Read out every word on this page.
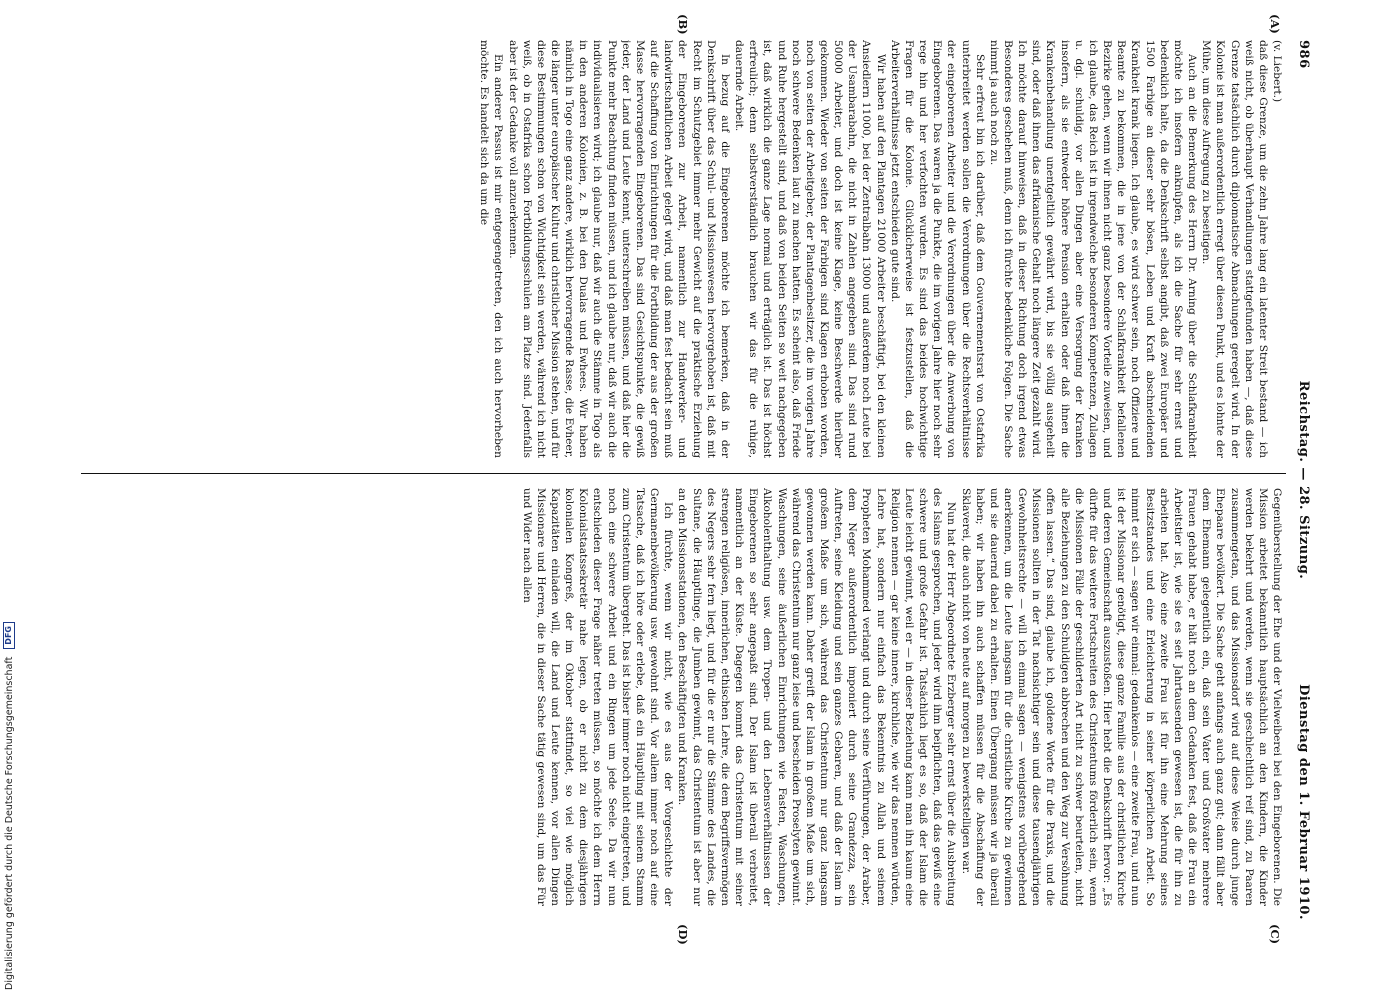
986
Reichstag. — 28. Sitzung.
Dienstag den 1. Februar 1910.

(v. Liebert.)

daß diese Grenze, um die zehn Jahre lang ein latenter Streit bestand — ich weiß nicht, ob überhaupt Verhandlungen stattgefunden haben —, daß diese Grenze tatsächlich durch diplomatische Abmachungen geregelt wird. In der Kolonie ist man außerordentlich erregt über diesen Punkt, und es lohnte der Mühe, um diese Aufregung zu beseitigen.

Auch an die Bemerkung des Herrn Dr. Arning über die Schlafkrankheit möchte ich insofern anknüpfen, als ich die Sache für sehr ernst und bedenklich halte, da die Denkschrift selbst angibt, daß zwei Europäer und 1500 Farbige an dieser sehr bösen, Leben und Kraft abschneidenden Krankheit krank liegen. Ich glaube, es wird schwer sein, noch Offiziere und Beamte zu bekommen, die in jene von der Schlafkrankheit befallenen Bezirke gehen, wenn wir ihnen nicht ganz besondere Vorteile zuweisen, und ich glaube, das Reich ist in irgendwelche besonderen Kompetenzen, Zulagen u. dgl. schuldig, vor allen Dingen aber eine Versorgung der Kranken insofern, als sie entweder höhere Pension erhalten oder daß ihnen die Krankenbehandlung unentgeltlich gewährt wird, bis sie völlig ausgeheilt sind, oder daß ihnen das afrikanische Gehalt noch längere Zeit gezahlt wird. Ich möchte darauf hinweisen, daß in dieser Richtung doch irgend etwas Besonderes geschehen muß, denn ich fürchte bedenkliche Folgen. Die Sache nimmt ja auch noch zu.

Sehr erfreut bin ich darüber, daß dem Gouvernementsrat von Ostafrika unterbreitet werden sollen die Verordnungen über die Rechtsverhältnisse der eingeborenen Arbeiter und die Verordnungen über die Anwerbung von Eingeborenen. Das waren ja die Punkte, die im vorigen Jahre hier noch sehr rege hin und her verfochten wurden. Es sind das beides hochwichtige Fragen für die Kolonie. Glücklicherweise ist festzustellen, daß die Arbeiterverhältnisse jetzt entschieden gute sind.

Wir haben auf den Plantagen 21000 Arbeiter beschäftigt, bei den kleinen Ansiedlern 11000, bei der Zentralbahn 13000 und außerdem noch Leute bei der Usambarabahn, die nicht in Zahlen angegeben sind. Das sind rund 50000 Arbeiter, und doch ist keine Klage, keine Beschwerde hierüber gekommen. Wieder von seiten der Farbigen sind Klagen erhoben worden, noch von seiten der Arbeitgeber, der Plantagenbesitzer, die im vorigen Jahre noch schwere Bedenken laut zu machen hatten. Es scheint also, daß Friede und Ruhe hergestellt sind, und daß von beiden Seiten so weit nachgegeben ist, daß wirklich die ganze Lage normal und erträglich ist. Das ist höchst erfreulich; denn selbstverständlich brauchen wir das für die ruhige, dauernde Arbeit.

In bezug auf die Eingeborenen möchte ich bemerken, daß in der Denkschrift über das Schul- und Missionswesen hervorgehoben ist, daß mit Recht im Schutzgebiet immer mehr Gewicht auf die praktische Erziehung der Eingeborenen zur Arbeit, namentlich zur Handwerker- und landwirtschaftlichen Arbeit gelegt wird, und daß man fest bedacht sein muß auf die Schaffung von Einrichtungen für die Fortbildung der aus der großen Masse hervorragenden Eingeborenen. Das sind Gesichtspunkte, die gewiß jeder, der Land und Leute kennt, unterschreiben müssen, und daß hier die Punkte mehr Beachtung finden müssen, und ich glaube nur, daß wir auch die individualisieren wird; ich glaube nur, daß wir auch die Stämme in Togo als in den anderen Kolonien, z. B. bei den Dualas und Ewhees. Wir haben nämlich in Togo eine ganz andere, wirklich hervorragende Rasse, die Evheer, die länger unter europäischer Kultur und christlicher Mission stehen, und für diese Bestimmungen schon von Wichtigkeit sein werden, während ich nicht weiß, ob in Ostafrika schon Fortbildungsschulen am Platze sind. Jedenfalls aber ist der Gedanke voll anzuerkennen.

Ein anderer Passus ist mir entgegengetreten, den ich auch hervorheben möchte. Es handelt sich da um die

Gegenüberstellung der Ehe und der Vielweiberei bei den Eingeborenen. Die Mission arbeitet bekanntlich hauptsächlich an den Kindern, die Kinder werden bekehrt und werden, wenn sie geschlechtlich reif sind, zu Paaren zusammengetan, und das Missionsdorf wird auf diese Weise durch junge Ehepaare bevölkert. Die Sache geht anfangs auch ganz gut; dann fällt aber dem Ehemann gelegentlich ein, daß sein Vater und Großvater mehrere Frauen gehabt habe, er hält noch an dem Gedanken fest, daß die Frau ein Arbeitstier ist, wie sie es seit Jahrtausenden gewesen ist, die für ihn zu arbeiten hat. Also eine zweite Frau ist für ihn eine Mehrung seines Besitzstandes und eine Erleichterung in seiner körperlichen Arbeit. So nimmt er sich — sagen wir einmal: gedankenlos — eine zweite Frau, und nun ist der Missionar genötigt, diese ganze Familie aus der christlichen Kirche und deren Gemeinschaft auszustoßen. Hier hebt die Denkschrift hervor: „Es dürfte für das weitere Fortschreiten des Christentums förderlich sein, wenn die Missionen Fälle der geschilderten Art nicht zu schwer beurteilen, nicht alle Beziehungen zu den Schuldigen abbrechen und den Weg zur Versöhnung offen lassen.“ Das sind, glaube ich, goldene Worte für die Praxis, und die Missionen sollten in der Tat nachsichtiger sein und diese tausendjährigen Gewohnheitsrechte — will ich einmal sagen — wenigstens vorübergehend anerkennen, um die Leute langsam für die christliche Kirche zu gewinnen und sie dauernd dabei zu erhalten. Einen Übergang müssen wir ja überall haben; wir haben ihn auch schaffen müssen für die Abschaffung der Sklaverei, die auch nicht von heute auf morgen zu bewerkstelligen war.

Nun hat der Herr Abgeordnete Erzberger sehr ernst über die Ausbreitung des Islams gesprochen, und jeder wird ihm beipflichten, daß das gewiß eine schwere und große Gefahr ist. Tatsächlich liegt es so, daß der Islam die Leute leicht gewinnt, weil er — in dieser Beziehung kann man ihn kaum eine Religion nennen — gar keine innere, kirchliche, wie wir das nennen würden, Lehre hat, sondern nur einfach das Bekenntnis zu Allah und seinem Propheten Mohammed verlangt und durch seine Verführungen, der Araber, dem Neger außerordentlich imponiert durch seine Grandezza, sein Auftreten, seine Kleidung und sein ganzes Gebaren, und daß der Islam in großem Maße um sich, während das Christentum nur ganz langsam gewonnen werden kann. Daher greift der Islam in großem Maße um sich, während das Christentum nur ganz leise und bescheiden Proselyten gewinnt. Waschungen, seine äußerlichen Einrichtungen wie Fasten, Waschungen, Alkoholenthaltung usw. dem Tropen- und den Lebensverhältnissen der Eingeborenen so sehr angepaßt sind. Der Islam ist überall verbreitet, namentlich an der Küste. Dagegen kommt das Christentum mit seiner strengen religiösen, innerlichen, ethischen Lehre, die dem Begriffsvermögen des Negers sehr fern liegt, und für die er nur die Stämme des Landes, die Sultane, die Häuptlinge, die Jumben gewinnt, das Christentum ist aber nur an den Missionsstationen, den Beschäftigten und Kranken.

Ich fürchte, wenn wir nicht, wie es aus der Vorgeschichte der Germanenbevölkerung usw. gewohnt sind. Vor allem immer noch auf eine Tatsache, daß ich höre oder erlebe, daß ein Häuptling mit seinem Stamm zum Christentum übergeht. Das ist bisher immer noch nicht eingetreten, und noch eine schwere Arbeit und ein Ringen um jede Seele. Da wir nun entschieden dieser Frage näher treten müssen, so möchte ich dem Herrn Kolonialstaatssekretär nahe legen, ob er nicht zu dem diesjährigen kolonialen Kongreß, der im Oktober stattfindet, so viel wie möglich Kapazitäten einladen will, die Land und Leute kennen, vor allen Dingen Missionare und Herren, die in dieser Sache tätig gewesen sind, um das Für und Wider nach allen

(A)
(B)
(C)
(D)
Digitalisierung gefördert durch die Deutsche Forschungsgemeinschaft
DFG
